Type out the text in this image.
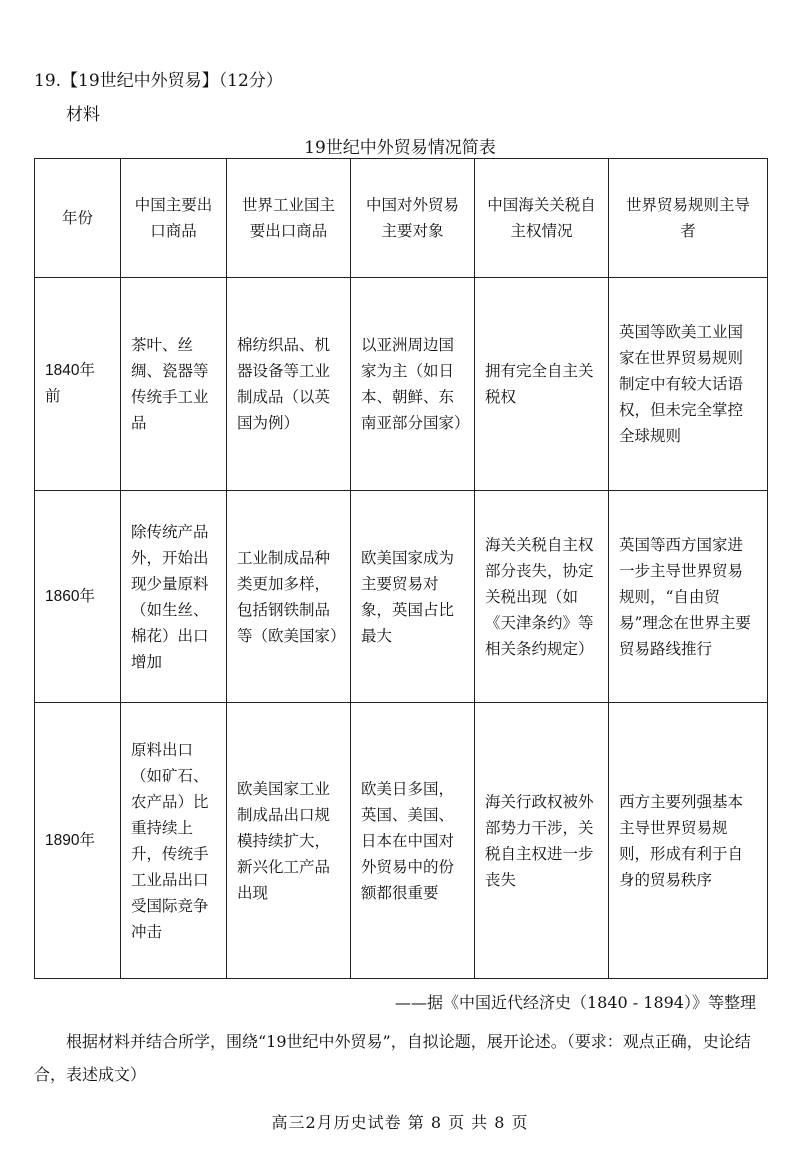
19.【19世纪中外贸易】（12分）
材料
19世纪中外贸易情况简表
年份	中国主要出口商品	世界工业国主要出口商品	中国对外贸易主要对象	中国海关关税自主权情况	世界贸易规则主导者
1840年前	茶叶、丝绸、瓷器等传统手工业品	棉纺织品、机器设备等工业制成品（以英国为例）	以亚洲周边国家为主（如日本、朝鲜、东南亚部分国家）	拥有完全自主关税权	英国等欧美工业国家在世界贸易规则制定中有较大话语权，但未完全掌控全球规则
1860年	除传统产品外，开始出现少量原料（如生丝、棉花）出口增加	工业制成品种类更加多样，包括钢铁制品等（欧美国家）	欧美国家成为主要贸易对象，英国占比最大	海关关税自主权部分丧失，协定关税出现（如《天津条约》等相关条约规定）	英国等西方国家进一步主导世界贸易规则，“自由贸易”理念在世界主要贸易路线推行
1890年	原料出口（如矿石、农产品）比重持续上升，传统手工业品出口受国际竞争冲击	欧美国家工业制成品出口规模持续扩大，新兴化工产品出现	欧美日多国，英国、美国、日本在中国对外贸易中的份额都很重要	海关行政权被外部势力干涉，关税自主权进一步丧失	西方主要列强基本主导世界贸易规则，形成有利于自身的贸易秩序
——据《中国近代经济史（1840 - 1894）》等整理
根据材料并结合所学，围绕“19世纪中外贸易”，自拟论题，展开论述。（要求：观点正确，史论结合，表述成文）
高三2月历史试卷 第 8 页 共 8 页
